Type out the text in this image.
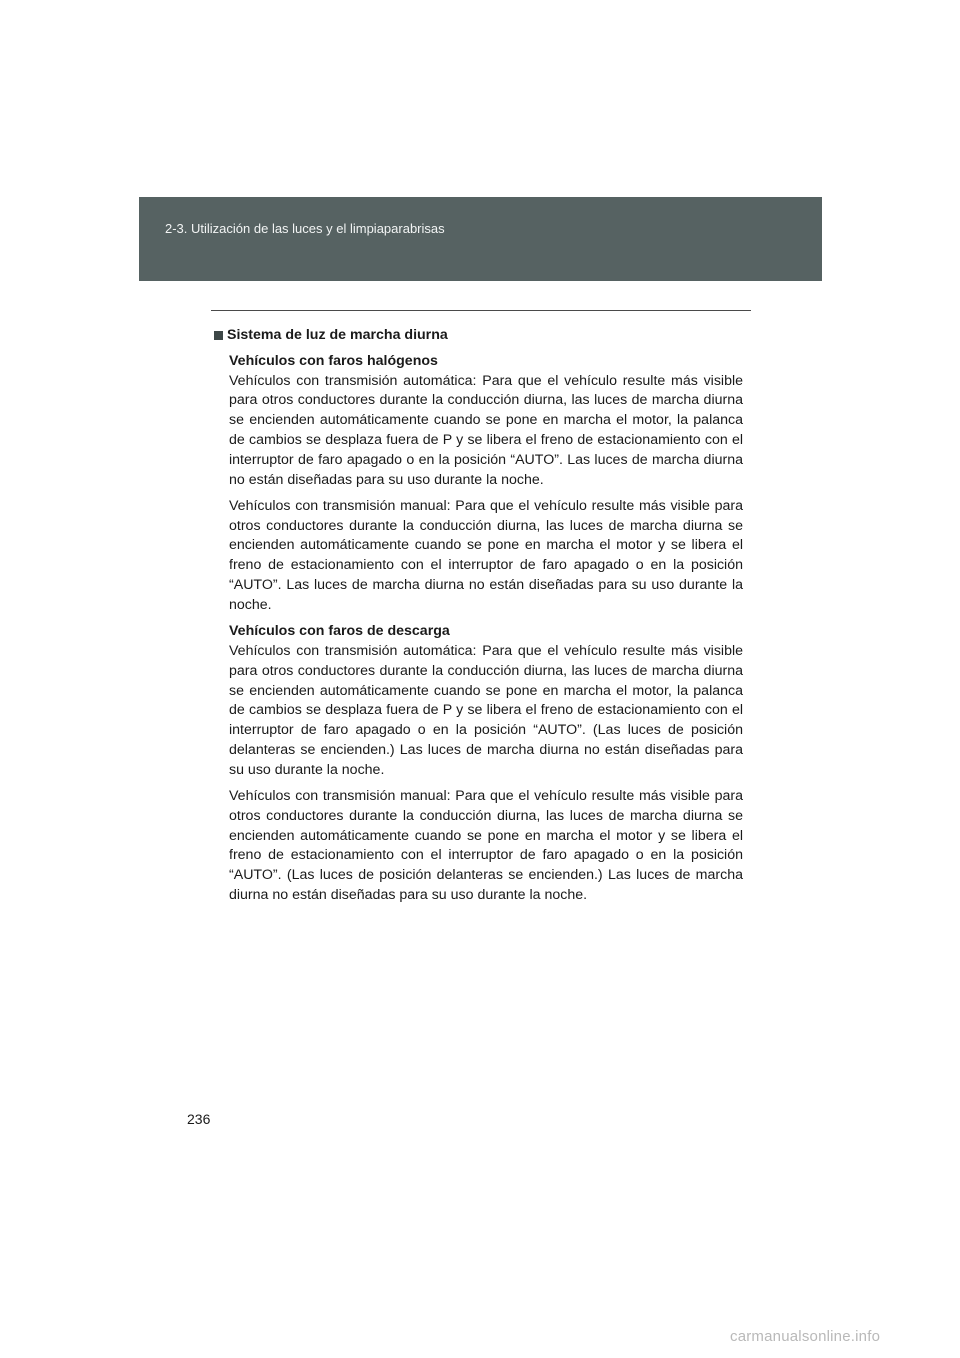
2-3. Utilización de las luces y el limpiaparabrisas
Sistema de luz de marcha diurna

Vehículos con faros halógenos

Vehículos con transmisión automática: Para que el vehículo resulte más visible para otros conductores durante la conducción diurna, las luces de marcha diurna se encienden automáticamente cuando se pone en marcha el motor, la palanca de cambios se desplaza fuera de P y se libera el freno de estacionamiento con el interruptor de faro apagado o en la posición “AUTO”. Las luces de marcha diurna no están diseñadas para su uso durante la noche.

Vehículos con transmisión manual: Para que el vehículo resulte más visible para otros conductores durante la conducción diurna, las luces de marcha diurna se encienden automáticamente cuando se pone en marcha el motor y se libera el freno de estacionamiento con el interruptor de faro apagado o en la posición “AUTO”. Las luces de marcha diurna no están diseñadas para su uso durante la noche.

Vehículos con faros de descarga

Vehículos con transmisión automática: Para que el vehículo resulte más visible para otros conductores durante la conducción diurna, las luces de marcha diurna se encienden automáticamente cuando se pone en marcha el motor, la palanca de cambios se desplaza fuera de P y se libera el freno de estacionamiento con el interruptor de faro apagado o en la posición “AUTO”. (Las luces de posición delanteras se encienden.) Las luces de marcha diurna no están diseñadas para su uso durante la noche.

Vehículos con transmisión manual: Para que el vehículo resulte más visible para otros conductores durante la conducción diurna, las luces de marcha diurna se encienden automáticamente cuando se pone en marcha el motor y se libera el freno de estacionamiento con el interruptor de faro apagado o en la posición “AUTO”. (Las luces de posición delanteras se encienden.) Las luces de marcha diurna no están diseñadas para su uso durante la noche.

236
carmanualsonline.info
